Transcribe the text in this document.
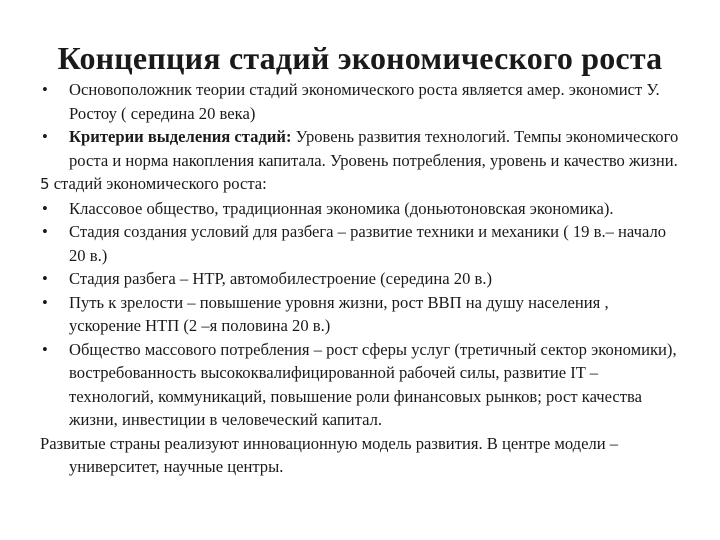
Концепция стадий экономического роста

• Основоположник теории стадий экономического роста является амер. экономист У. Ростоу ( середина 20 века)

• Критерии выделения стадий: Уровень развития технологий. Темпы экономического роста и норма накопления капитала. Уровень потребления, уровень и качество жизни.

5 стадий экономического роста:

• Классовое общество, традиционная экономика (доньютоновская экономика).

• Стадия создания условий для разбега – развитие техники и механики ( 19 в.– начало 20 в.)

• Стадия разбега – НТР, автомобилестроение (середина 20 в.)

• Путь к зрелости – повышение уровня жизни, рост ВВП на душу населения , ускорение НТП (2 –я половина 20 в.)

• Общество массового потребления – рост сферы услуг (третичный сектор экономики), востребованность высококвалифицированной рабочей силы, развитие IT – технологий, коммуникаций, повышение роли финансовых рынков; рост качества жизни, инвестиции в человеческий капитал.

Развитые страны реализуют инновационную модель развития. В центре модели – университет, научные центры.
